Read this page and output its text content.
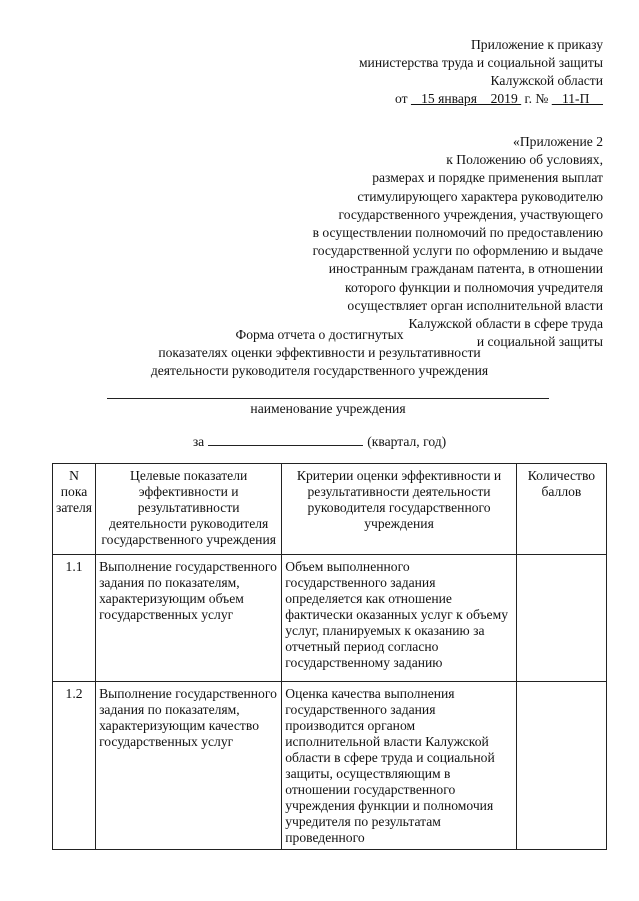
Приложение к приказу
министерства труда и социальной защиты
Калужской области
от    15 января    2019  г. №    11-П
«Приложение 2
к Положению об условиях,
размерах и порядке применения выплат
стимулирующего характера руководителю
государственного учреждения, участвующего
в осуществлении полномочий по предоставлению
государственной услуги по оформлению и выдаче
иностранным гражданам патента, в отношении
которого функции и полномочия учредителя
осуществляет орган исполнительной власти
Калужской области в сфере труда
и социальной защиты
Форма отчета о достигнутых
показателях оценки эффективности и результативности
деятельности руководителя государственного учреждения
наименование учреждения
за	(квартал, год)
N пока зателя	Целевые показатели эффективности и результативности деятельности руководителя государственного учреждения	Критерии оценки эффективности и результативности деятельности руководителя государственного учреждения	Количество баллов
1.1	Выполнение государственного задания по показателям, характеризующим объем государственных услуг	Объем выполненного государственного задания определяется как отношение фактически оказанных услуг к объему услуг, планируемых к оказанию за отчетный период согласно государственному заданию	
1.2	Выполнение государственного задания по показателям, характеризующим качество государственных услуг	Оценка качества выполнения государственного задания производится органом исполнительной власти Калужской области в сфере труда и социальной защиты, осуществляющим в отношении государственного учреждения функции и полномочия учредителя по результатам проведенного	
